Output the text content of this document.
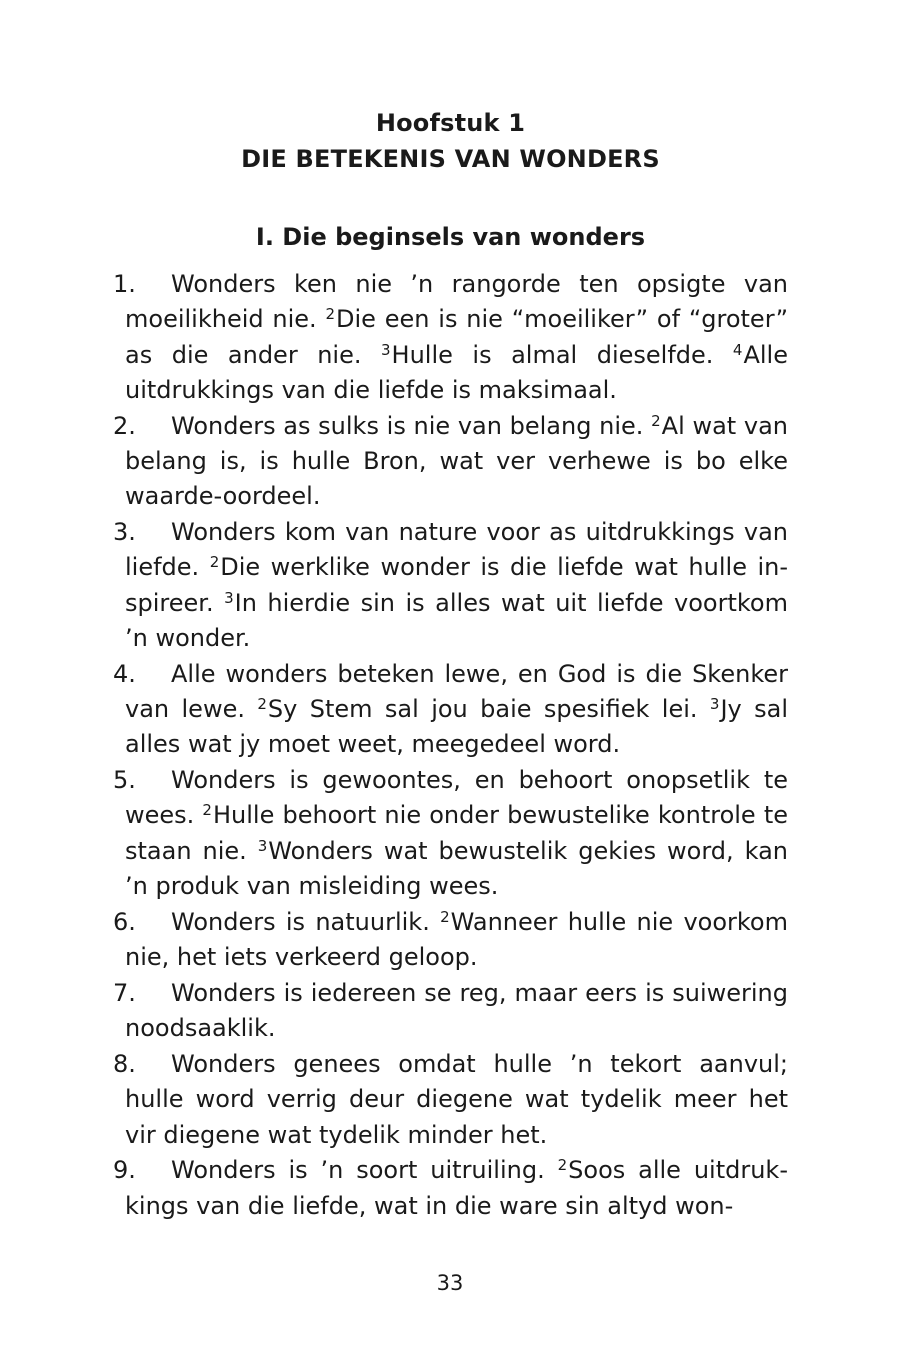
Hoofstuk 1
DIE BETEKENIS VAN WONDERS
I. Die beginsels van wonders
1. Wonders ken nie ’n rangorde ten opsigte van moeilikheid nie. $^2$Die een is nie “moeiliker” of “groter” as die ander nie. $^3$Hulle is almal dieselfde. $^4$Alle uitdrukkings van die liefde is maksimaal.
2. Wonders as sulks is nie van belang nie. $^2$Al wat van belang is, is hulle Bron, wat ver verhewe is bo elke waarde-oordeel.
3. Wonders kom van nature voor as uitdrukkings van liefde. $^2$Die werklike wonder is die liefde wat hulle inspireer. $^3$In hierdie sin is alles wat uit liefde voortkom ’n wonder.
4. Alle wonders beteken lewe, en God is die Skenker van lewe. $^2$Sy Stem sal jou baie spesifiek lei. $^3$Jy sal alles wat jy moet weet, meegedeel word.
5. Wonders is gewoontes, en behoort onopsetlik te wees. $^2$Hulle behoort nie onder bewustelike kontrole te staan nie. $^3$Wonders wat bewustelik gekies word, kan ’n produk van misleiding wees.
6. Wonders is natuurlik. $^2$Wanneer hulle nie voorkom nie, het iets verkeerd geloop.
7. Wonders is iedereen se reg, maar eers is suiwering noodsaaklik.
8. Wonders genees omdat hulle ’n tekort aanvul; hulle word verrig deur diegene wat tydelik meer het vir diegene wat tydelik minder het.
9. Wonders is ’n soort uitruiling. $^2$Soos alle uitdrukkings van die liefde, wat in die ware sin altyd won-
33
